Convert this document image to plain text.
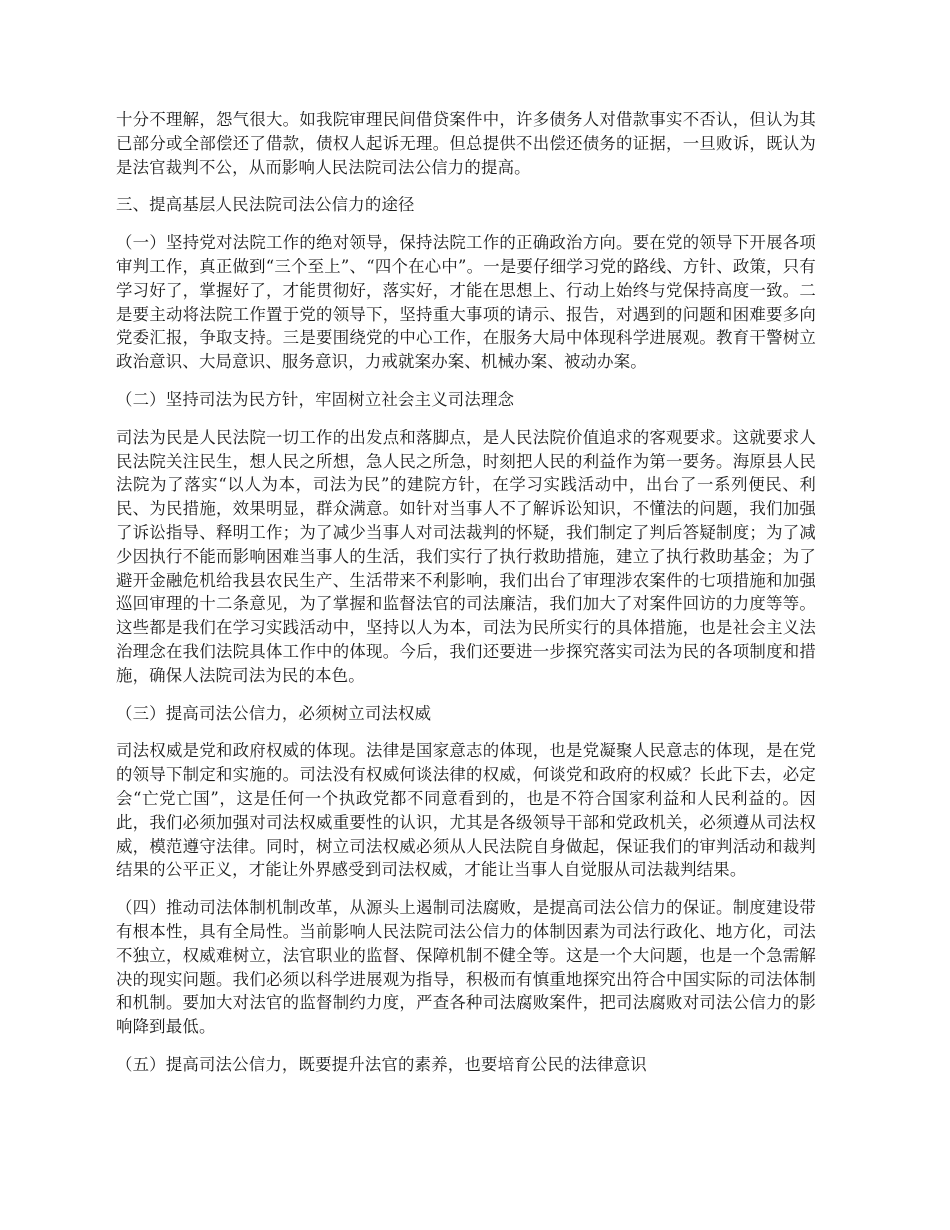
十分不理解，怨气很大。如我院审理民间借贷案件中，许多债务人对借款事实不否认，但认为其已部分或全部偿还了借款，债权人起诉无理。但总提供不出偿还债务的证据，一旦败诉，既认为是法官裁判不公，从而影响人民法院司法公信力的提高。

三、提高基层人民法院司法公信力的途径

（一）坚持党对法院工作的绝对领导，保持法院工作的正确政治方向。要在党的领导下开展各项审判工作，真正做到“三个至上”、“四个在心中”。一是要仔细学习党的路线、方针、政策，只有学习好了，掌握好了，才能贯彻好，落实好，才能在思想上、行动上始终与党保持高度一致。二是要主动将法院工作置于党的领导下，坚持重大事项的请示、报告，对遇到的问题和困难要多向党委汇报，争取支持。三是要围绕党的中心工作，在服务大局中体现科学进展观。教育干警树立政治意识、大局意识、服务意识，力戒就案办案、机械办案、被动办案。

（二）坚持司法为民方针，牢固树立社会主义司法理念

司法为民是人民法院一切工作的出发点和落脚点，是人民法院价值追求的客观要求。这就要求人民法院关注民生，想人民之所想，急人民之所急，时刻把人民的利益作为第一要务。海原县人民法院为了落实“以人为本，司法为民”的建院方针，在学习实践活动中，出台了一系列便民、利民、为民措施，效果明显，群众满意。如针对当事人不了解诉讼知识，不懂法的问题，我们加强了诉讼指导、释明工作；为了减少当事人对司法裁判的怀疑，我们制定了判后答疑制度；为了减少因执行不能而影响困难当事人的生活，我们实行了执行救助措施，建立了执行救助基金；为了避开金融危机给我县农民生产、生活带来不利影响，我们出台了审理涉农案件的七项措施和加强巡回审理的十二条意见，为了掌握和监督法官的司法廉洁，我们加大了对案件回访的力度等等。这些都是我们在学习实践活动中，坚持以人为本，司法为民所实行的具体措施，也是社会主义法治理念在我们法院具体工作中的体现。今后，我们还要进一步探究落实司法为民的各项制度和措施，确保人法院司法为民的本色。

（三）提高司法公信力，必须树立司法权威

司法权威是党和政府权威的体现。法律是国家意志的体现，也是党凝聚人民意志的体现，是在党的领导下制定和实施的。司法没有权威何谈法律的权威，何谈党和政府的权威？长此下去，必定会“亡党亡国”，这是任何一个执政党都不同意看到的，也是不符合国家利益和人民利益的。因此，我们必须加强对司法权威重要性的认识，尤其是各级领导干部和党政机关，必须遵从司法权威，模范遵守法律。同时，树立司法权威必须从人民法院自身做起，保证我们的审判活动和裁判结果的公平正义，才能让外界感受到司法权威，才能让当事人自觉服从司法裁判结果。

（四）推动司法体制机制改革，从源头上遏制司法腐败，是提高司法公信力的保证。制度建设带有根本性，具有全局性。当前影响人民法院司法公信力的体制因素为司法行政化、地方化，司法不独立，权威难树立，法官职业的监督、保障机制不健全等。这是一个大问题，也是一个急需解决的现实问题。我们必须以科学进展观为指导，积极而有慎重地探究出符合中国实际的司法体制和机制。要加大对法官的监督制约力度，严查各种司法腐败案件，把司法腐败对司法公信力的影响降到最低。

（五）提高司法公信力，既要提升法官的素养，也要培育公民的法律意识
